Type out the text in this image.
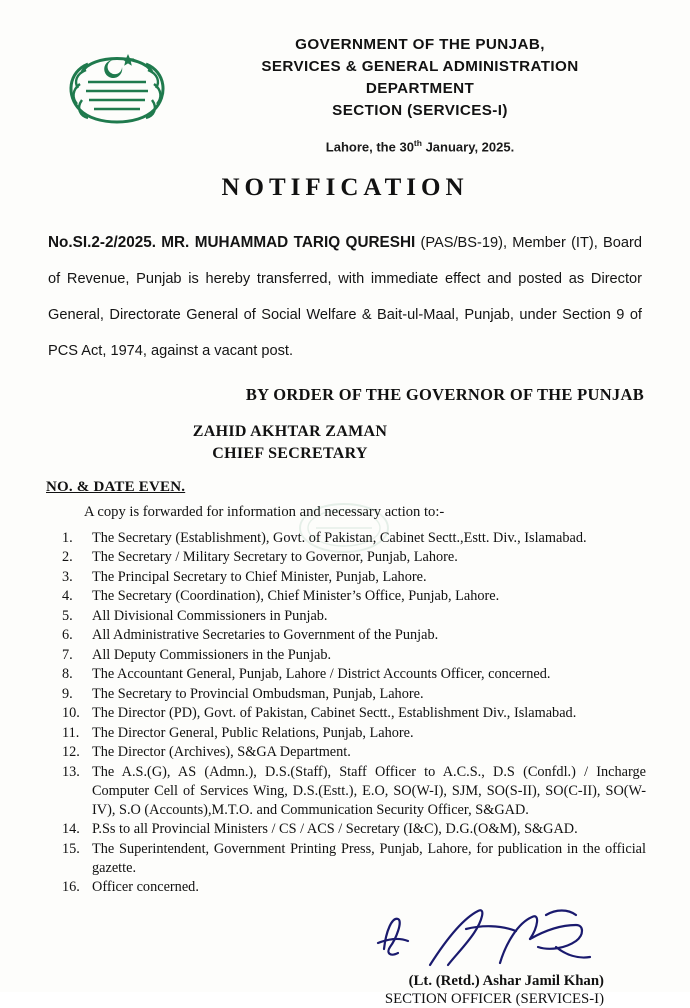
GOVERNMENT OF THE PUNJAB,
SERVICES & GENERAL ADMINISTRATION
DEPARTMENT
SECTION (SERVICES-I)
Lahore, the 30th January, 2025.
NOTIFICATION

No.SI.2-2/2025. MR. MUHAMMAD TARIQ QURESHI (PAS/BS-19), Member (IT), Board of Revenue, Punjab is hereby transferred, with immediate effect and posted as Director General, Directorate General of Social Welfare & Bait-ul-Maal, Punjab, under Section 9 of PCS Act, 1974, against a vacant post.

BY ORDER OF THE GOVERNOR OF THE PUNJAB
ZAHID AKHTAR ZAMAN
CHIEF SECRETARY
NO. & DATE EVEN.
A copy is forwarded for information and necessary action to:-
1.	The Secretary (Establishment), Govt. of Pakistan, Cabinet Sectt.,Estt. Div., Islamabad.
2.	The Secretary / Military Secretary to Governor, Punjab, Lahore.
3.	The Principal Secretary to Chief Minister, Punjab, Lahore.
4.	The Secretary (Coordination), Chief Minister’s Office, Punjab, Lahore.
5.	All Divisional Commissioners in Punjab.
6.	All Administrative Secretaries to Government of the Punjab.
7.	All Deputy Commissioners in the Punjab.
8.	The Accountant General, Punjab, Lahore / District Accounts Officer, concerned.
9.	The Secretary to Provincial Ombudsman, Punjab, Lahore.
10. The Director (PD), Govt. of Pakistan, Cabinet Sectt., Establishment Div., Islamabad.
11. The Director General, Public Relations, Punjab, Lahore.
12. The Director (Archives), S&GA Department.
13. The A.S.(G), AS (Admn.), D.S.(Staff), Staff Officer to A.C.S., D.S (Confdl.) / Incharge Computer Cell of Services Wing, D.S.(Estt.), E.O, SO(W-I), SJM, SO(S-II), SO(C-II), SO(W-IV), S.O (Accounts),M.T.O. and Communication Security Officer, S&GAD.
14. P.Ss to all Provincial Ministers / CS / ACS / Secretary (I&C), D.G.(O&M), S&GAD.
15. The Superintendent, Government Printing Press, Punjab, Lahore, for publication in the official gazette.
16. Officer concerned.
(Lt. (Retd.) Ashar Jamil Khan)
SECTION OFFICER (SERVICES-I)
